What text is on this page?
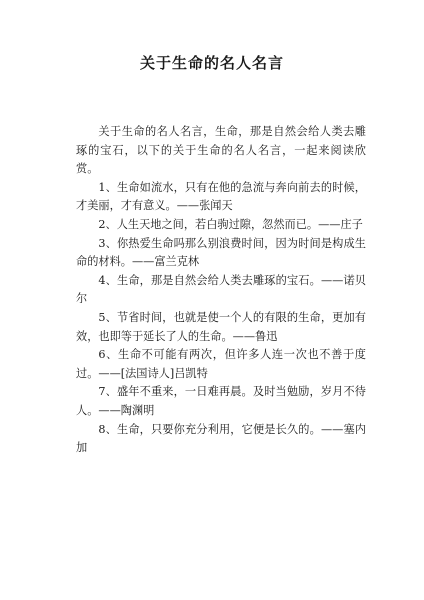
关于生命的名人名言

关于生命的名人名言，生命，那是自然会给人类去雕琢的宝石，以下的关于生命的名人名言，一起来阅读欣赏。

1、生命如流水，只有在他的急流与奔向前去的时候，才美丽，才有意义。——张闻天

2、人生天地之间，若白驹过隙，忽然而已。——庄子

3、你热爱生命吗那么别浪费时间，因为时间是构成生命的材料。——富兰克林

4、生命，那是自然会给人类去雕琢的宝石。——诺贝尔

5、节省时间，也就是使一个人的有限的生命，更加有效，也即等于延长了人的生命。——鲁迅

6、生命不可能有两次，但许多人连一次也不善于度过。——[法国诗人]吕凯特

7、盛年不重来，一日难再晨。及时当勉励，岁月不待人。——陶渊明

8、生命，只要你充分利用，它便是长久的。——塞内加
